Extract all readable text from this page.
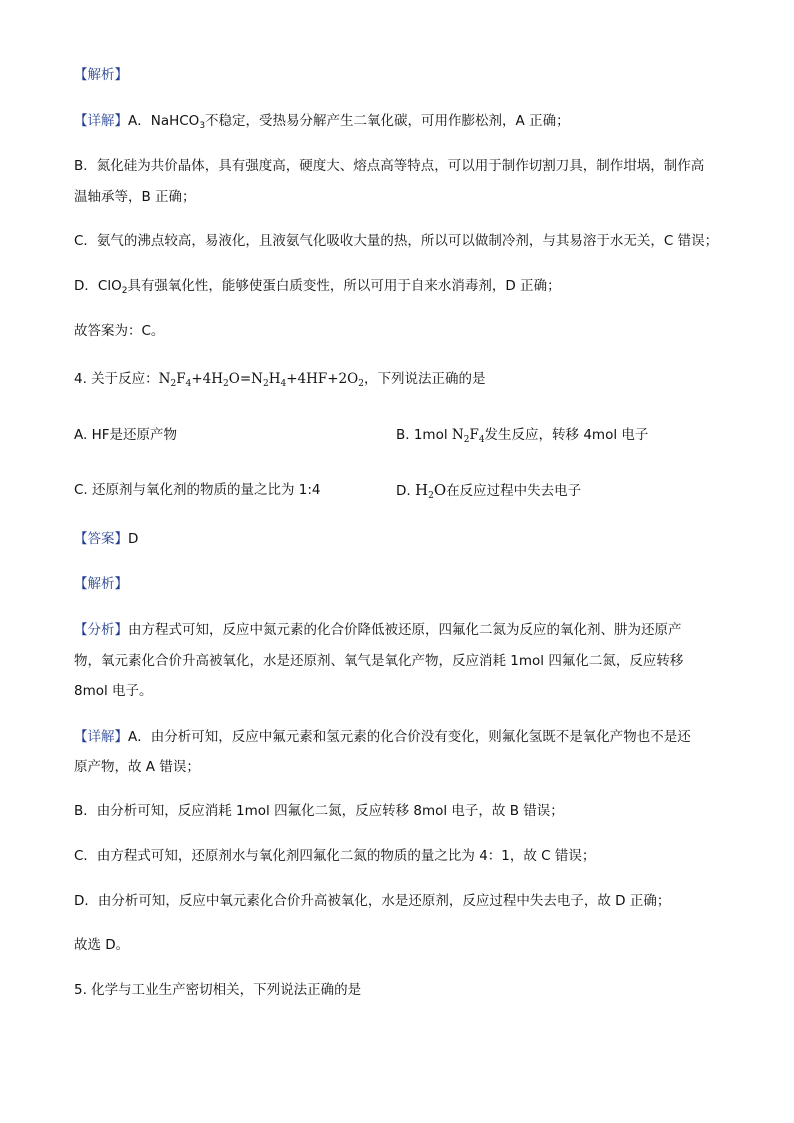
【解析】
【详解】A．NaHCO$_3$不稳定，受热易分解产生二氧化碳，可用作膨松剂，A 正确；
B．氮化硅为共价晶体，具有强度高，硬度大、熔点高等特点，可以用于制作切割刀具，制作坩埚，制作高
温轴承等，B 正确；
C．氨气的沸点较高，易液化，且液氨气化吸收大量的热，所以可以做制冷剂，与其易溶于水无关，C 错误；
D．ClO$_2$具有强氧化性，能够使蛋白质变性，所以可用于自来水消毒剂，D 正确；
故答案为：C。
4. 关于反应：$N_2F_4+4H_2O=N_2H_4+4HF+2O_2$，下列说法正确的是
A. HF是还原产物	B. 1mol $N_2F_4$发生反应，转移 4mol 电子
C. 还原剂与氧化剂的物质的量之比为 1:4	D. $H_2O$在反应过程中失去电子
【答案】D
【解析】
【分析】由方程式可知，反应中氮元素的化合价降低被还原，四氟化二氮为反应的氧化剂、肼为还原产
物，氧元素化合价升高被氧化，水是还原剂、氧气是氧化产物，反应消耗 1mol 四氟化二氮，反应转移
8mol 电子。
【详解】A．由分析可知，反应中氟元素和氢元素的化合价没有变化，则氟化氢既不是氧化产物也不是还
原产物，故 A 错误；
B．由分析可知，反应消耗 1mol 四氟化二氮，反应转移 8mol 电子，故 B 错误；
C．由方程式可知，还原剂水与氧化剂四氟化二氮的物质的量之比为 4：1，故 C 错误；
D．由分析可知，反应中氧元素化合价升高被氧化，水是还原剂，反应过程中失去电子，故 D 正确；
故选 D。
5. 化学与工业生产密切相关，下列说法正确的是
